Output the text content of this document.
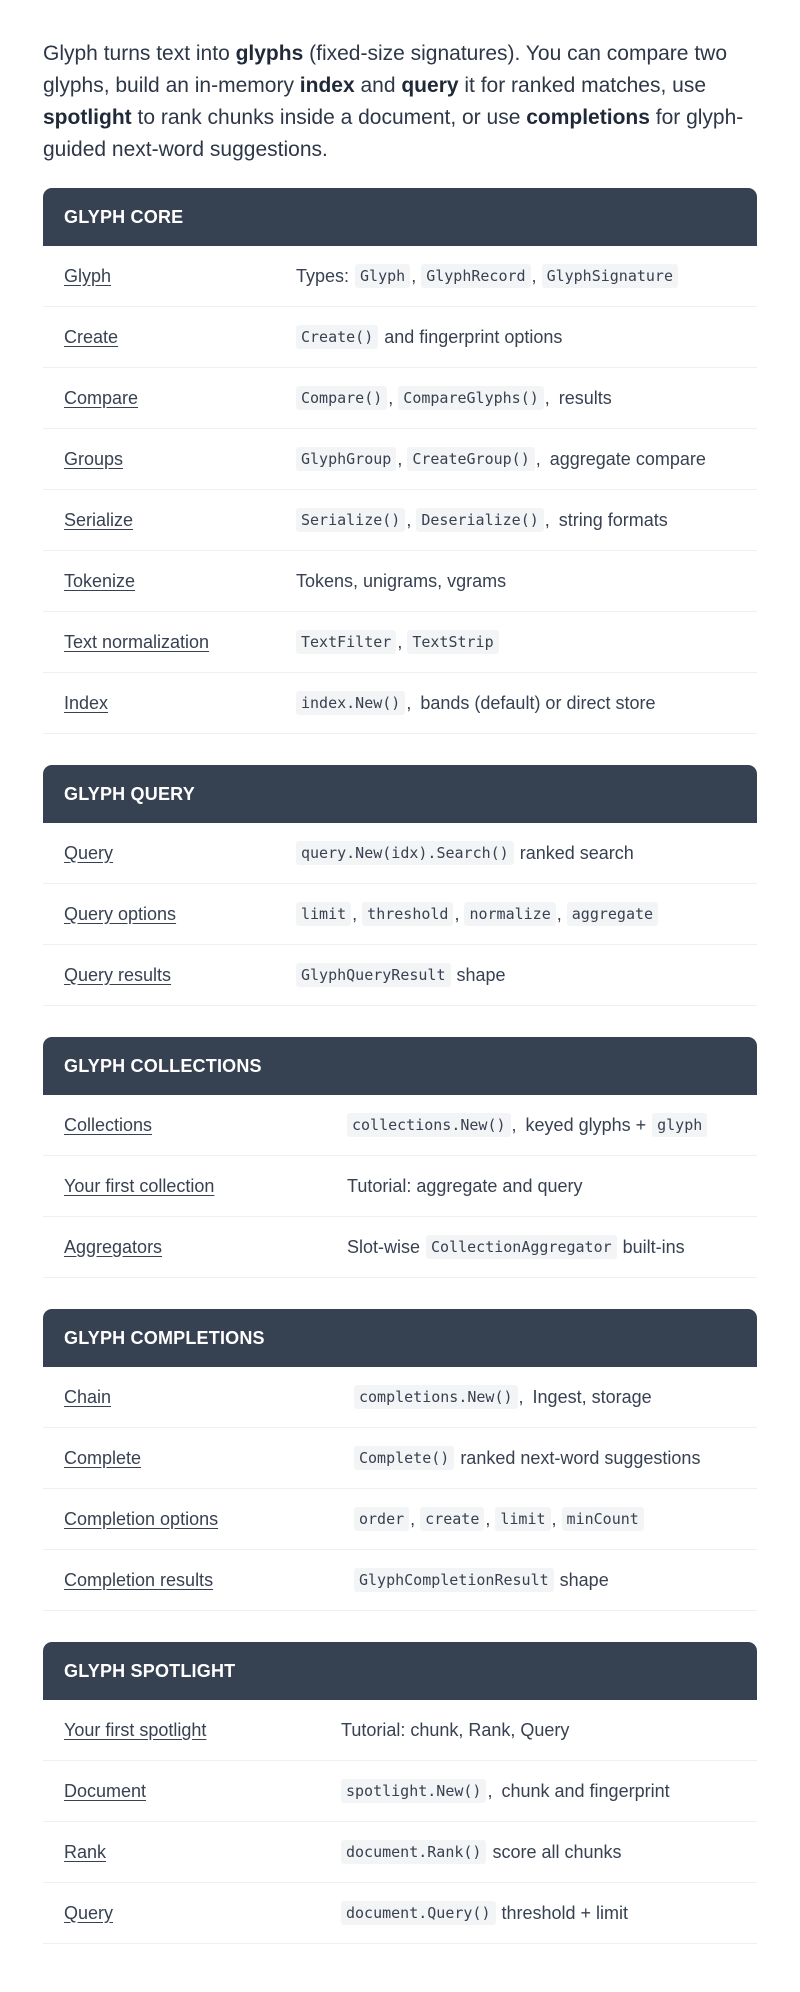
Glyph turns text into glyphs (fixed-size signatures). You can compare two glyphs, build an in-memory index and query it for ranked matches, use spotlight to rank chunks inside a document, or use completions for glyph-guided next-word suggestions.

GLYPH CORE
Glyph	Types: Glyph , GlyphRecord , GlyphSignature
Create	Create() and fingerprint options
Compare	Compare() , CompareGlyphs() , results
Groups	GlyphGroup , CreateGroup() , aggregate compare
Serialize	Serialize() , Deserialize() , string formats
Tokenize	Tokens, unigrams, vgrams
Text normalization	TextFilter , TextStrip
Index	index.New() , bands (default) or direct store
GLYPH QUERY
Query	query.New(idx).Search() ranked search
Query options	limit , threshold , normalize , aggregate
Query results	GlyphQueryResult shape
GLYPH COLLECTIONS
Collections	collections.New() , keyed glyphs + glyph
Your first collection	Tutorial: aggregate and query
Aggregators	Slot-wise CollectionAggregator built-ins
GLYPH COMPLETIONS
Chain	completions.New() , Ingest, storage
Complete	Complete() ranked next-word suggestions
Completion options	order , create , limit , minCount
Completion results	GlyphCompletionResult shape
GLYPH SPOTLIGHT
Your first spotlight	Tutorial: chunk, Rank, Query
Document	spotlight.New() , chunk and fingerprint
Rank	document.Rank() score all chunks
Query	document.Query() threshold + limit
